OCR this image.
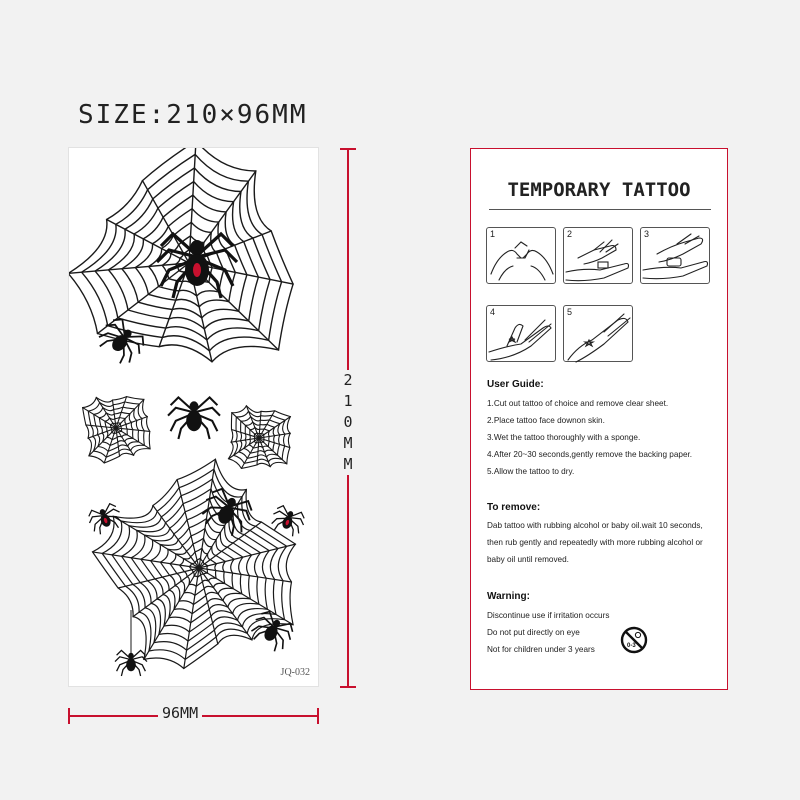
SIZE:210×96MM
JQ-032
210MM
96MM
TEMPORARY TATTOO
1	2	3
4	5
User Guide:
1.Cut out tattoo of choice and remove clear sheet.
2.Place tattoo face downon skin.
3.Wet the tattoo thoroughly with a sponge.
4.After 20~30 seconds,gently remove the backing paper.
5.Allow the tattoo to dry.
To remove:
Dab tattoo with rubbing alcohol or baby oil.wait 10 seconds,
then rub gently and repeatedly with more rubbing alcohol or
baby oil until removed.
Warning:
Discontinue use if irritation occurs
Do not put directly on eye
Not for children under 3 years	0-3
